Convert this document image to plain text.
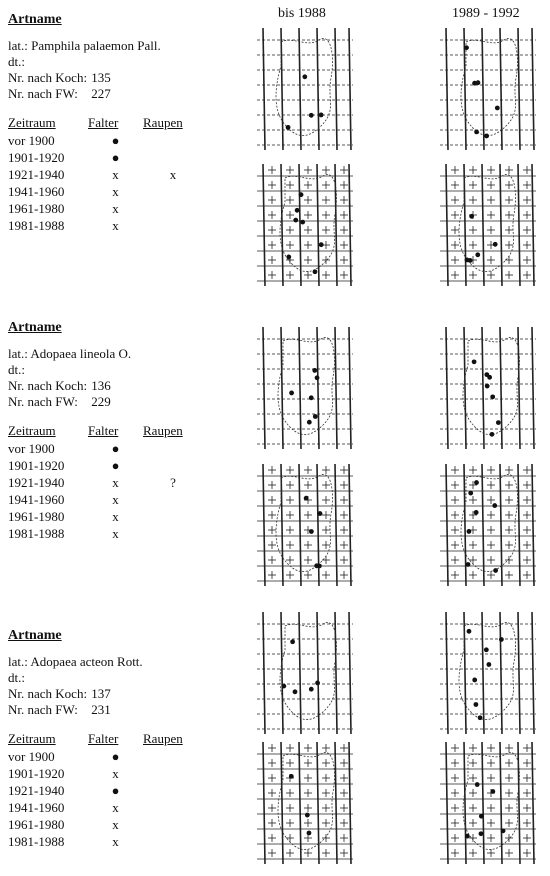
bis 1988	1989 - 1992
Artname
lat.: Pamphila palaemon Pall.
dt.:
Nr. nach Koch: 135
Nr. nach FW: 227
Zeitraum	Falter	Raupen
vor 1900	●	
1901-1920	●	
1921-1940	x	x
1941-1960	x	
1961-1980	x	
1981-1988	x	
Artname
lat.: Adopaea lineola O.
dt.:
Nr. nach Koch: 136
Nr. nach FW: 229
Zeitraum	Falter	Raupen
vor 1900	●	
1901-1920	●	
1921-1940	x	?
1941-1960	x	
1961-1980	x	
1981-1988	x	
Artname
lat.: Adopaea acteon Rott.
dt.:
Nr. nach Koch: 137
Nr. nach FW: 231
Zeitraum	Falter	Raupen
vor 1900	●	
1901-1920	x	
1921-1940	●	
1941-1960	x	
1961-1980	x	
1981-1988	x	
